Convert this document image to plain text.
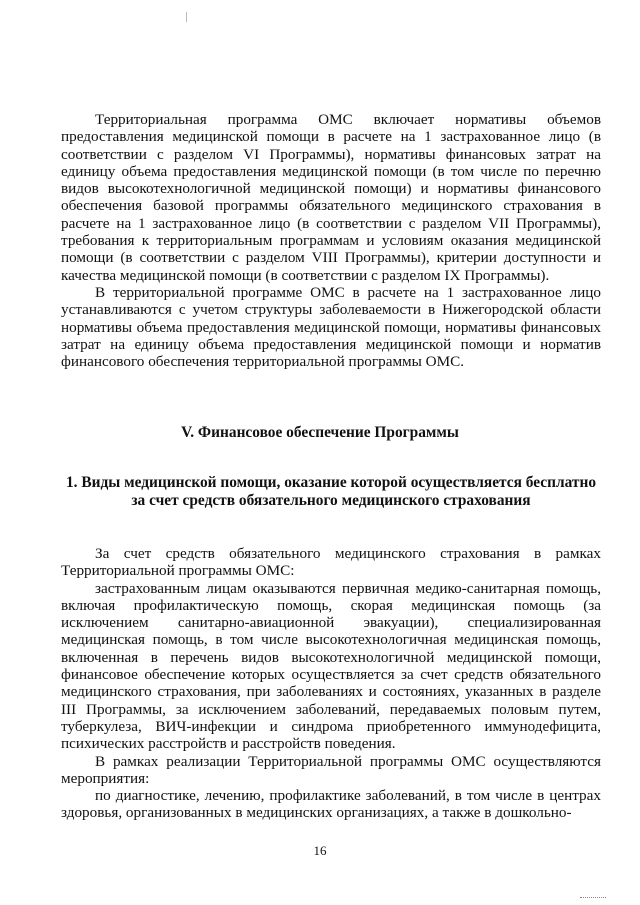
Территориальная программа ОМС включает нормативы объемов предоставления медицинской помощи в расчете на 1 застрахованное лицо (в соответствии с разделом VI Программы), нормативы финансовых затрат на единицу объема предоставления медицинской помощи (в том числе по перечню видов высокотехнологичной медицинской помощи) и нормативы финансового обеспечения базовой программы обязательного медицинского страхования в расчете на 1 застрахованное лицо (в соответствии с разделом VII Программы), требования к территориальным программам и условиям оказания медицинской помощи (в соответствии с разделом VIII Программы), критерии доступности и качества медицинской помощи (в соответствии с разделом IX Программы).

В территориальной программе ОМС в расчете на 1 застрахованное лицо устанавливаются с учетом структуры заболеваемости в Нижегородской области нормативы объема предоставления медицинской помощи, нормативы финансовых затрат на единицу объема предоставления медицинской помощи и норматив финансового обеспечения территориальной программы ОМС.

V. Финансовое обеспечение Программы
1. Виды медицинской помощи, оказание которой осуществляется бесплатно за счет средств обязательного медицинского страхования

За счет средств обязательного медицинского страхования в рамках Территориальной программы ОМС:

застрахованным лицам оказываются первичная медико-санитарная помощь, включая профилактическую помощь, скорая медицинская помощь (за исключением санитарно-авиационной эвакуации), специализированная медицинская помощь, в том числе высокотехнологичная медицинская помощь, включенная в перечень видов высокотехнологичной медицинской помощи, финансовое обеспечение которых осуществляется за счет средств обязательного медицинского страхования, при заболеваниях и состояниях, указанных в разделе III Программы, за исключением заболеваний, передаваемых половым путем, туберкулеза, ВИЧ-инфекции и синдрома приобретенного иммунодефицита, психических расстройств и расстройств поведения.

В рамках реализации Территориальной программы ОМС осуществляются мероприятия:

по диагностике, лечению, профилактике заболеваний, в том числе в центрах здоровья, организованных в медицинских организациях, а также в дошкольно-

16
